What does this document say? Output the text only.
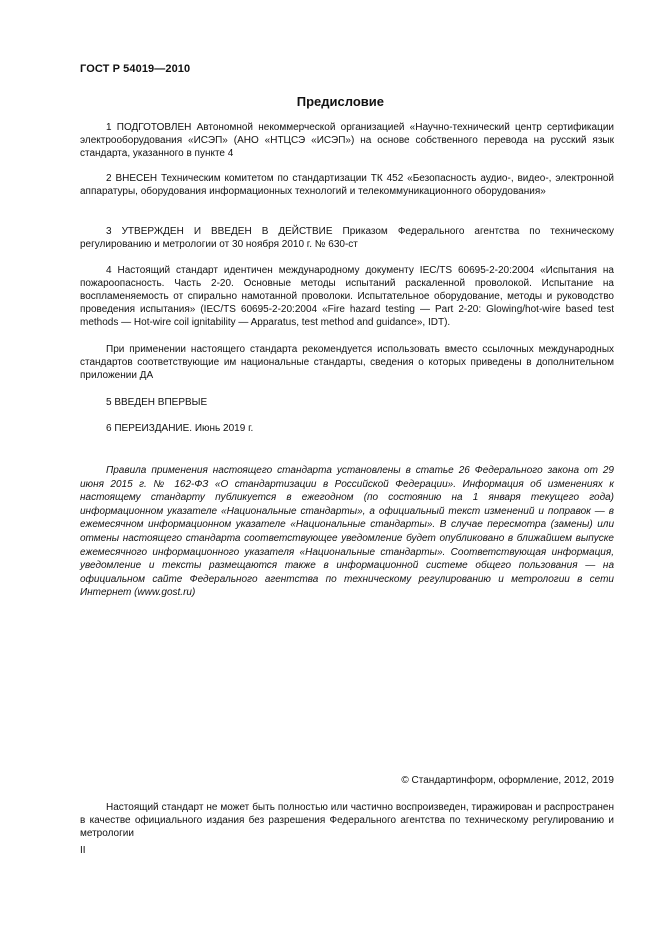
ГОСТ Р 54019—2010
Предисловие

1 ПОДГОТОВЛЕН Автономной некоммерческой организацией «Научно-технический центр сертификации электрооборудования «ИСЭП» (АНО «НТЦСЭ «ИСЭП») на основе собственного перевода на русский язык стандарта, указанного в пункте 4

2 ВНЕСЕН Техническим комитетом по стандартизации ТК 452 «Безопасность аудио-, видео-, электронной аппаратуры, оборудования информационных технологий и телекоммуникационного оборудования»

3 УТВЕРЖДЕН И ВВЕДЕН В ДЕЙСТВИЕ Приказом Федерального агентства по техническому регулированию и метрологии от 30 ноября 2010 г. № 630-ст

4 Настоящий стандарт идентичен международному документу IEC/TS 60695-2-20:2004 «Испытания на пожароопасность. Часть 2-20. Основные методы испытаний раскаленной проволокой. Испытание на воспламеняемость от спирально намотанной проволоки. Испытательное оборудование, методы и руководство проведения испытания» (IEC/TS 60695-2-20:2004 «Fire hazard testing — Part 2-20: Glowing/hot-wire based test methods — Hot-wire coil ignitability — Apparatus, test method and guidance», IDT).

При применении настоящего стандарта рекомендуется использовать вместо ссылочных международных стандартов соответствующие им национальные стандарты, сведения о которых приведены в дополнительном приложении ДА

5 ВВЕДЕН ВПЕРВЫЕ

6 ПЕРЕИЗДАНИЕ. Июнь 2019 г.

Правила применения настоящего стандарта установлены в статье 26 Федерального закона от 29 июня 2015 г. № 162-ФЗ «О стандартизации в Российской Федерации». Информация об изменениях к настоящему стандарту публикуется в ежегодном (по состоянию на 1 января текущего года) информационном указателе «Национальные стандарты», а официальный текст изменений и поправок — в ежемесячном информационном указателе «Национальные стандарты». В случае пересмотра (замены) или отмены настоящего стандарта соответствующее уведомление будет опубликовано в ближайшем выпуске ежемесячного информационного указателя «Национальные стандарты». Соответствующая информация, уведомление и тексты размещаются также в информационной системе общего пользования — на официальном сайте Федерального агентства по техническому регулированию и метрологии в сети Интернет (www.gost.ru)

© Стандартинформ, оформление, 2012, 2019

Настоящий стандарт не может быть полностью или частично воспроизведен, тиражирован и распространен в качестве официального издания без разрешения Федерального агентства по техническому регулированию и метрологии

II
